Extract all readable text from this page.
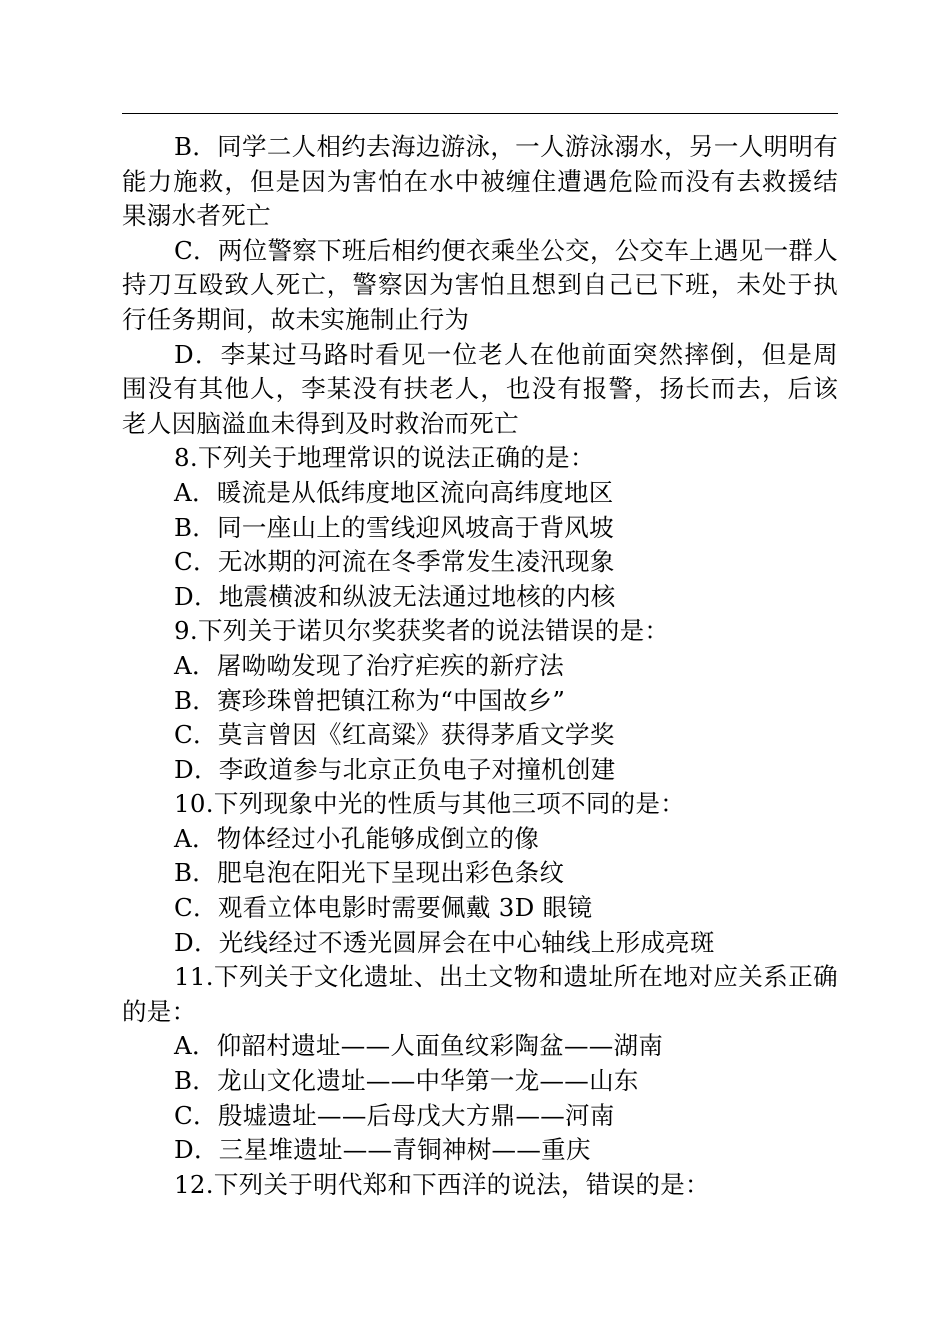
B．同学二人相约去海边游泳，一人游泳溺水，另一人明明有能力施救，但是因为害怕在水中被缠住遭遇危险而没有去救援结果溺水者死亡

C．两位警察下班后相约便衣乘坐公交，公交车上遇见一群人持刀互殴致人死亡，警察因为害怕且想到自己已下班，未处于执行任务期间，故未实施制止行为

D．李某过马路时看见一位老人在他前面突然摔倒，但是周围没有其他人，李某没有扶老人，也没有报警，扬长而去，后该老人因脑溢血未得到及时救治而死亡

8.下列关于地理常识的说法正确的是：

A．暖流是从低纬度地区流向高纬度地区

B．同一座山上的雪线迎风坡高于背风坡

C．无冰期的河流在冬季常发生凌汛现象

D．地震横波和纵波无法通过地核的内核

9.下列关于诺贝尔奖获奖者的说法错误的是：

A．屠呦呦发现了治疗疟疾的新疗法

B．赛珍珠曾把镇江称为“中国故乡”

C．莫言曾因《红高粱》获得茅盾文学奖

D．李政道参与北京正负电子对撞机创建

10.下列现象中光的性质与其他三项不同的是：

A．物体经过小孔能够成倒立的像

B．肥皂泡在阳光下呈现出彩色条纹

C．观看立体电影时需要佩戴 3D 眼镜

D．光线经过不透光圆屏会在中心轴线上形成亮斑

11.下列关于文化遗址、出土文物和遗址所在地对应关系正确的是：

A．仰韶村遗址——人面鱼纹彩陶盆——湖南

B．龙山文化遗址——中华第一龙——山东

C．殷墟遗址——后母戊大方鼎——河南

D．三星堆遗址——青铜神树——重庆

12.下列关于明代郑和下西洋的说法，错误的是：
